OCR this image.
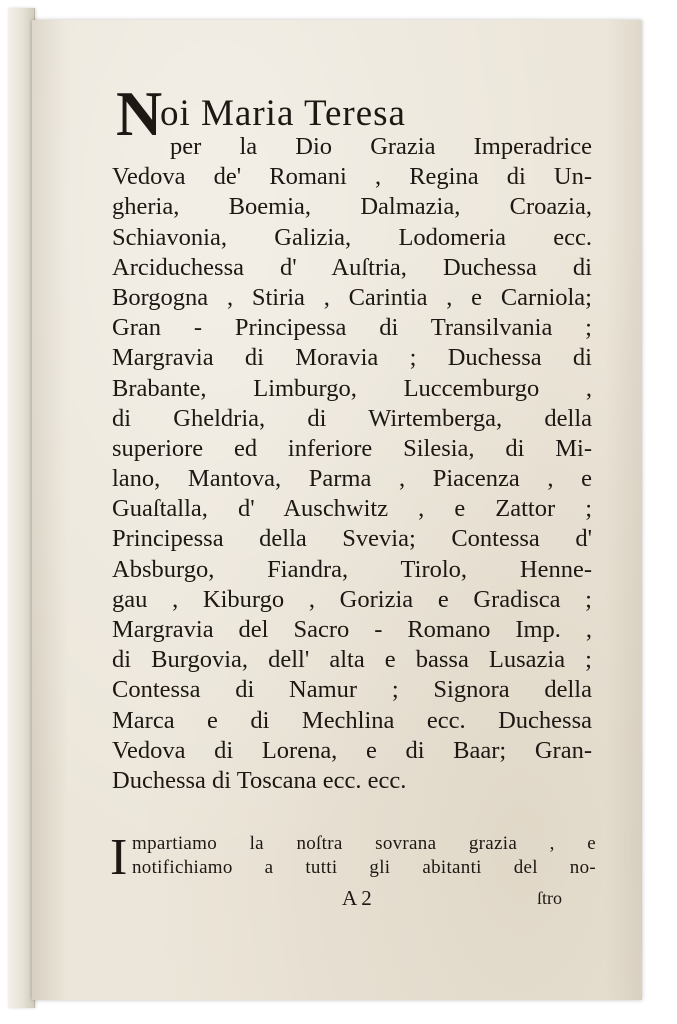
N
oi Maria Teresa
per la Dio Grazia Imperadrice
Vedova de' Romani , Regina di Un-
gheria, Boemia, Dalmazia, Croazia,
Schiavonia, Galizia, Lodomeria ecc.
Arciduchessa d' Auſtria, Duchessa di
Borgogna , Stiria , Carintia , e Carniola;
Gran - Principessa di Transilvania ;
Margravia di Moravia ; Duchessa di
Brabante, Limburgo, Luccemburgo ,
di Gheldria, di Wirtemberga, della
superiore ed inferiore Silesia, di Mi-
lano, Mantova, Parma , Piacenza , e
Guaſtalla, d' Auschwitz , e Zattor ;
Principessa della Svevia; Contessa d'
Absburgo, Fiandra, Tirolo, Henne-
gau , Kiburgo , Gorizia e Gradisca ;
Margravia del Sacro - Romano Imp. ,
di Burgovia, dell' alta e bassa Lusazia ;
Contessa di Namur ; Signora della
Marca e di Mechlina ecc. Duchessa
Vedova di Lorena, e di Baar; Gran-
Duchessa di Toscana ecc. ecc.
I mpartiamo la noſtra sovrana grazia , e
notifichiamo a tutti gli abitanti del no-
A 2	ſtro
